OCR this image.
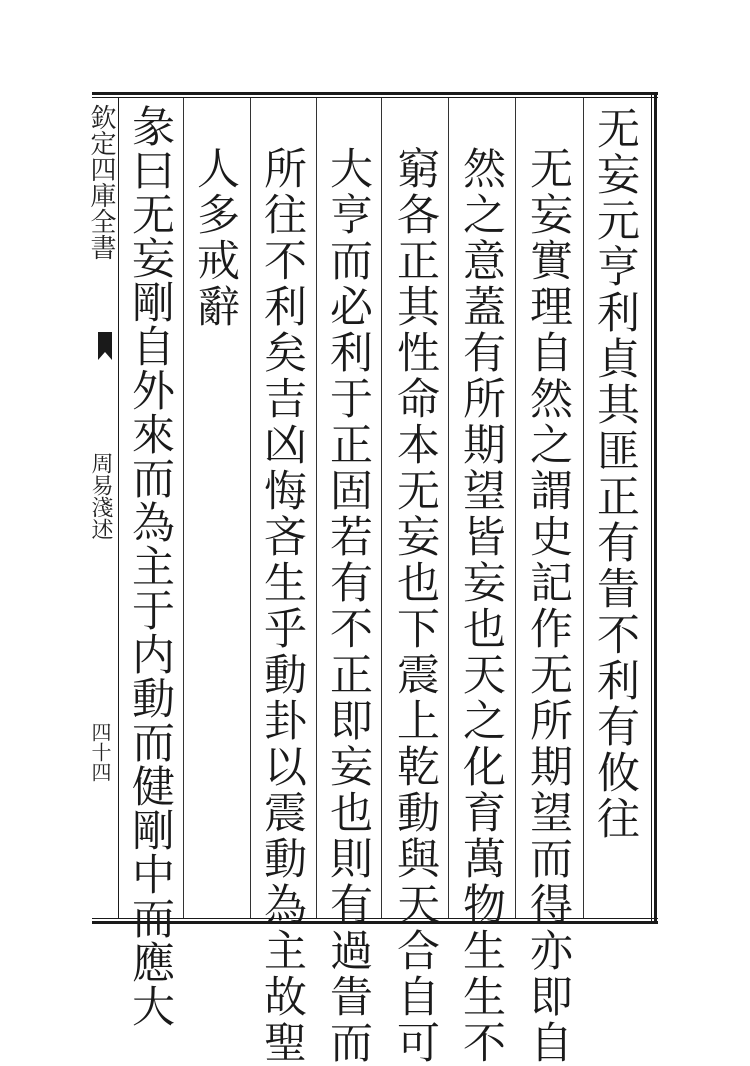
无妄元亨利貞其匪正有眚不利有攸往
无妄實理自然之謂史記作无所期望而得亦即自
然之意蓋有所期望皆妄也天之化育萬物生生不
窮各正其性命本无妄也下震上乾動與天合自可
大亨而必利于正固若有不正即妄也則有過眚而
所往不利矣吉凶悔吝生乎動卦以震動為主故聖
人多戒辭
彖曰无妄剛自外來而為主于内動而健剛中而應大
欽定四庫全書
周易淺述
四十四
